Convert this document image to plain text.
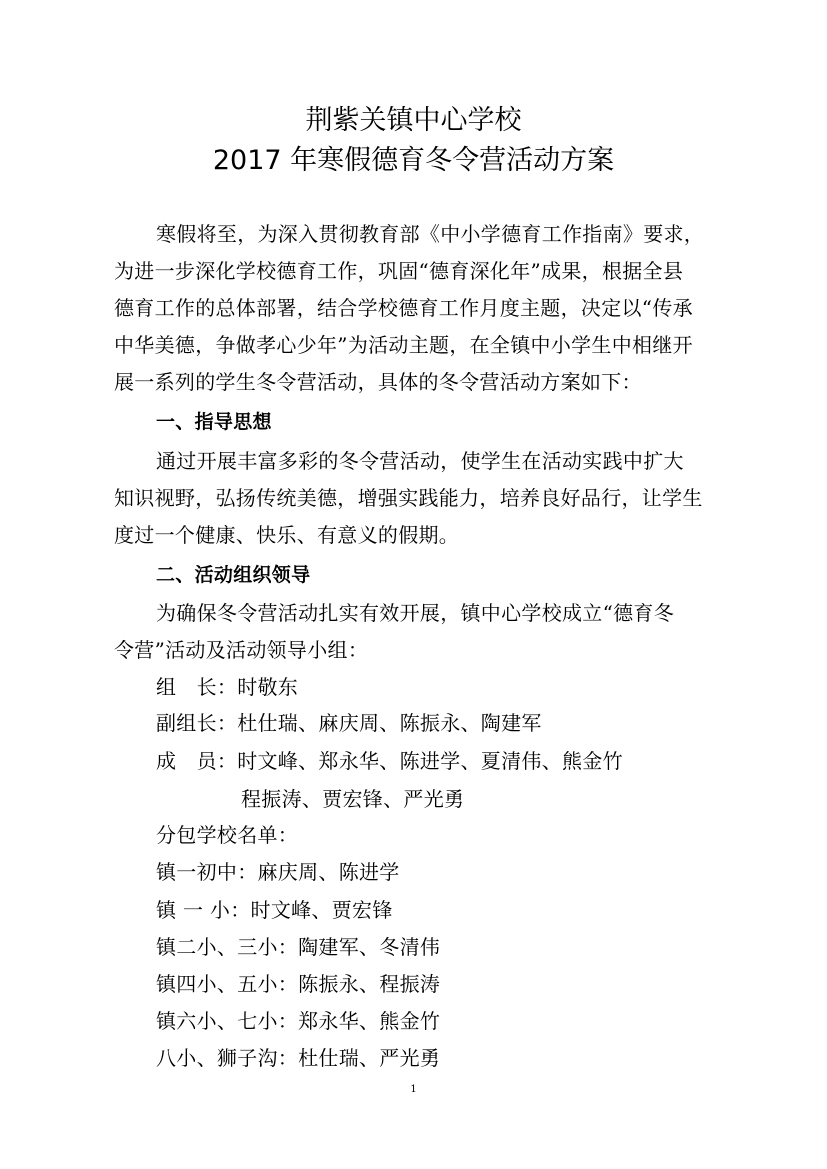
荆紫关镇中心学校
2017 年寒假德育冬令营活动方案
寒假将至，为深入贯彻教育部《中小学德育工作指南》要求，
为进一步深化学校德育工作，巩固“德育深化年”成果，根据全县
德育工作的总体部署，结合学校德育工作月度主题，决定以“传承
中华美德，争做孝心少年”为活动主题，在全镇中小学生中相继开
展一系列的学生冬令营活动，具体的冬令营活动方案如下：
一、指导思想
通过开展丰富多彩的冬令营活动，使学生在活动实践中扩大
知识视野，弘扬传统美德，增强实践能力，培养良好品行，让学生
度过一个健康、快乐、有意义的假期。
二、活动组织领导
为确保冬令营活动扎实有效开展，镇中心学校成立“德育冬
令营”活动及活动领导小组：
组　长：时敬东
副组长：杜仕瑞、麻庆周、陈振永、陶建军
成　员：时文峰、郑永华、陈进学、夏清伟、熊金竹
程振涛、贾宏锋、严光勇
分包学校名单：
镇一初中：麻庆周、陈进学
镇 一 小：时文峰、贾宏锋
镇二小、三小：陶建军、冬清伟
镇四小、五小：陈振永、程振涛
镇六小、七小：郑永华、熊金竹
八小、狮子沟：杜仕瑞、严光勇
1
